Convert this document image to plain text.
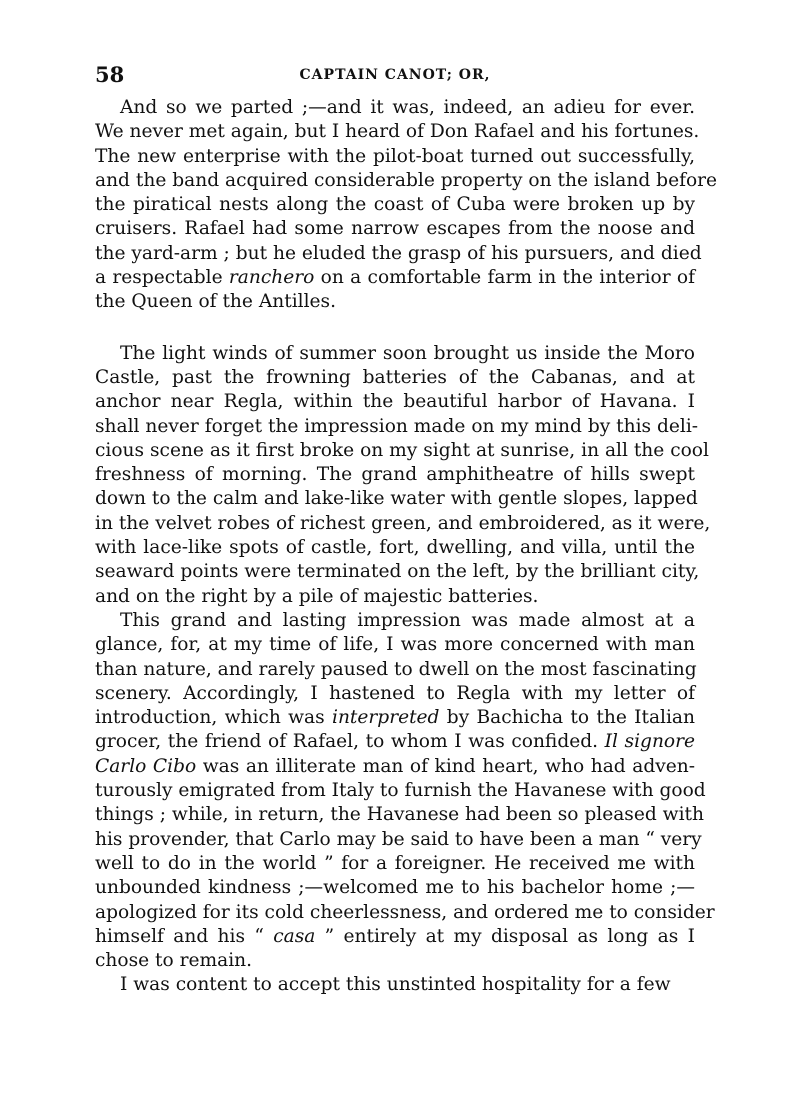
58	CAPTAIN CANOT; OR,
And so we parted ;—and it was, indeed, an adieu for ever.
We never met again, but I heard of Don Rafael and his fortunes.
The new enterprise with the pilot-boat turned out successfully,
and the band acquired considerable property on the island before
the piratical nests along the coast of Cuba were broken up by
cruisers. Rafael had some narrow escapes from the noose and
the yard-arm ; but he eluded the grasp of his pursuers, and died
a respectable ranchero on a comfortable farm in the interior of
the Queen of the Antilles.
The light winds of summer soon brought us inside the Moro
Castle, past the frowning batteries of the Cabanas, and at
anchor near Regla, within the beautiful harbor of Havana. I
shall never forget the impression made on my mind by this deli-
cious scene as it first broke on my sight at sunrise, in all the cool
freshness of morning. The grand amphitheatre of hills swept
down to the calm and lake-like water with gentle slopes, lapped
in the velvet robes of richest green, and embroidered, as it were,
with lace-like spots of castle, fort, dwelling, and villa, until the
seaward points were terminated on the left, by the brilliant city,
and on the right by a pile of majestic batteries.
This grand and lasting impression was made almost at a
glance, for, at my time of life, I was more concerned with man
than nature, and rarely paused to dwell on the most fascinating
scenery. Accordingly, I hastened to Regla with my letter of
introduction, which was interpreted by Bachicha to the Italian
grocer, the friend of Rafael, to whom I was confided. Il signore
Carlo Cibo was an illiterate man of kind heart, who had adven-
turously emigrated from Italy to furnish the Havanese with good
things ; while, in return, the Havanese had been so pleased with
his provender, that Carlo may be said to have been a man “ very
well to do in the world ” for a foreigner. He received me with
unbounded kindness ;—welcomed me to his bachelor home ;—
apologized for its cold cheerlessness, and ordered me to consider
himself and his “ casa ” entirely at my disposal as long as I
chose to remain.
I was content to accept this unstinted hospitality for a few
